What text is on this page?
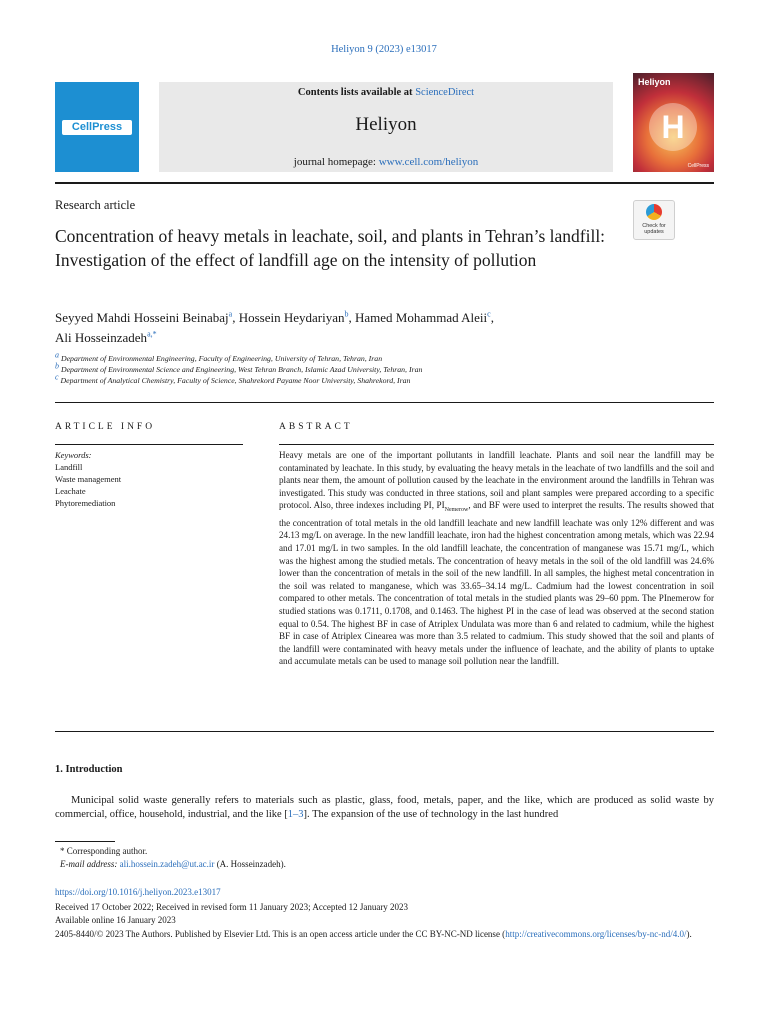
Heliyon 9 (2023) e13017
CellPress
Contents lists available at ScienceDirect
Heliyon
journal homepage: www.cell.com/heliyon
Heliyon
H
CellPress
Research article
Check for updates
Concentration of heavy metals in leachate, soil, and plants in Tehran’s landfill: Investigation of the effect of landfill age on the intensity of pollution
Seyyed Mahdi Hosseini Beinabaj$^a$, Hossein Heydariyan$^b$, Hamed Mohammad Aleii$^c$,
Ali Hosseinzadeh$^{a,*}$
$^a$ Department of Environmental Engineering, Faculty of Engineering, University of Tehran, Tehran, Iran
$^b$ Department of Environmental Science and Engineering, West Tehran Branch, Islamic Azad University, Tehran, Iran
$^c$ Department of Analytical Chemistry, Faculty of Science, Shahrekord Payame Noor University, Shahrekord, Iran
ARTICLE INFO
Keywords:
Landfill
Waste management
Leachate
Phytoremediation
ABSTRACT
Heavy metals are one of the important pollutants in landfill leachate. Plants and soil near the landfill may be contaminated by leachate. In this study, by evaluating the heavy metals in the leachate of two landfills and the soil and plants near them, the amount of pollution caused by the leachate in the environment around the landfills in Tehran was investigated. This study was conducted in three stations, soil and plant samples were prepared according to a specific protocol. Also, three indexes including PI, $PI_{Nemerow}$, and BF were used to interpret the results. The results showed that the concentration of total metals in the old landfill leachate and new landfill leachate was only 12% different and was 24.13 mg/L on average. In the new landfill leachate, iron had the highest concentration among metals, which was 22.94 and 17.01 mg/L in two samples. In the old landfill leachate, the concentration of manganese was 15.71 mg/L, which was the highest among the studied metals. The concentration of heavy metals in the soil of the old landfill was 24.6% lower than the concentration of metals in the soil of the new landfill. In all samples, the highest metal concentration in the soil was related to manganese, which was 33.65–34.14 mg/L. Cadmium had the lowest concentration in soil compared to other metals. The concentration of total metals in the studied plants was 29–60 ppm. The PInemerow for studied stations was 0.1711, 0.1708, and 0.1463. The highest PI in the case of lead was observed at the second station equal to 0.54. The highest BF in case of Atriplex Undulata was more than 6 and related to cadmium, while the highest BF in case of Atriplex Cinearea was more than 3.5 related to cadmium. This study showed that the soil and plants of the landfill were contaminated with heavy metals under the influence of leachate, and the ability of plants to uptake and accumulate metals can be used to manage soil pollution near the landfill.
1. Introduction
Municipal solid waste generally refers to materials such as plastic, glass, food, metals, paper, and the like, which are produced as solid waste by commercial, office, household, industrial, and the like [1–3]. The expansion of the use of technology in the last hundred
* Corresponding author.
E-mail address: ali.hossein.zadeh@ut.ac.ir (A. Hosseinzadeh).
https://doi.org/10.1016/j.heliyon.2023.e13017
Received 17 October 2022; Received in revised form 11 January 2023; Accepted 12 January 2023
Available online 16 January 2023
2405-8440/© 2023 The Authors. Published by Elsevier Ltd. This is an open access article under the CC BY-NC-ND license (http://creativecommons.org/licenses/by-nc-nd/4.0/).
